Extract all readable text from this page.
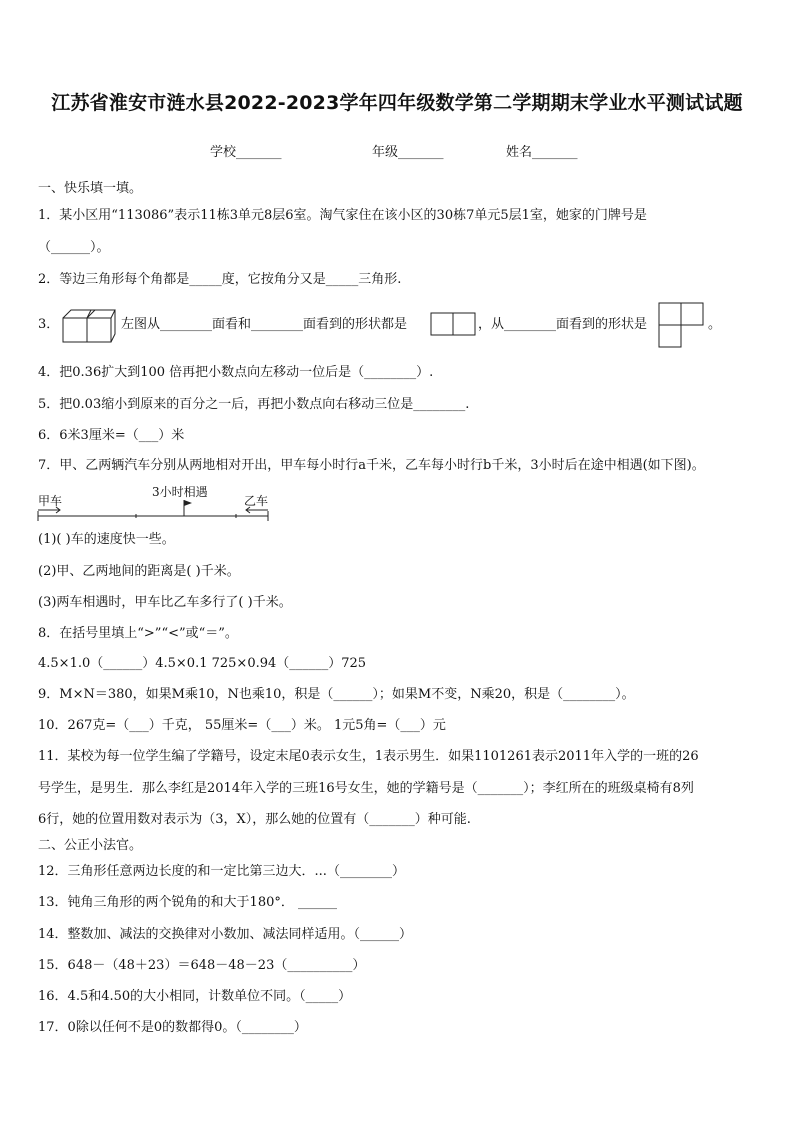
江苏省淮安市涟水县2022-2023学年四年级数学第二学期期末学业水平测试试题
学校_______	年级_______	姓名_______
一、快乐填一填。
1．某小区用“113086”表示11栋3单元8层6室。淘气家住在该小区的30栋7单元5层1室，她家的门牌号是
（______）。
2．等边三角形每个角都是_____度，它按角分又是_____三角形.
3．	左图从________面看和________面看到的形状都是	，从________面看到的形状是	。
4．把0.36扩大到100 倍再把小数点向左移动一位后是（________）.
5．把0.03缩小到原来的百分之一后，再把小数点向右移动三位是________.
6．6米3厘米=（___）米
7．甲、乙两辆汽车分别从两地相对开出，甲车每小时行a千米，乙车每小时行b千米，3小时后在途中相遇(如下图)。
甲车
3小时相遇
乙车
(1)( )车的速度快一些。
(2)甲、乙两地间的距离是( )千米。
(3)两车相遇时，甲车比乙车多行了( )千米。
8．在括号里填上“>”“<”或“＝”。
4.5×1.0（______）4.5×0.1 725×0.94（______）725
9．M×N＝380，如果M乘10，N也乘10，积是（______）；如果M不变，N乘20，积是（________）。
10．267克=（___）千克， 55厘米=（___）米。 1元5角=（___）元
11．某校为每一位学生编了学籍号，设定末尾0表示女生，1表示男生．如果1101261表示2011年入学的一班的26
号学生，是男生．那么李红是2014年入学的三班16号女生，她的学籍号是（_______）；李红所在的班级桌椅有8列
6行，她的位置用数对表示为（3，X），那么她的位置有（_______）种可能.
二、公正小法官。
12．三角形任意两边长度的和一定比第三边大．...（________）
13．钝角三角形的两个锐角的和大于180°． ______
14．整数加、减法的交换律对小数加、减法同样适用。（______）
15．648－（48＋23）＝648－48－23（__________）
16．4.5和4.50的大小相同，计数单位不同。（_____）
17．0除以任何不是0的数都得0。（________）
